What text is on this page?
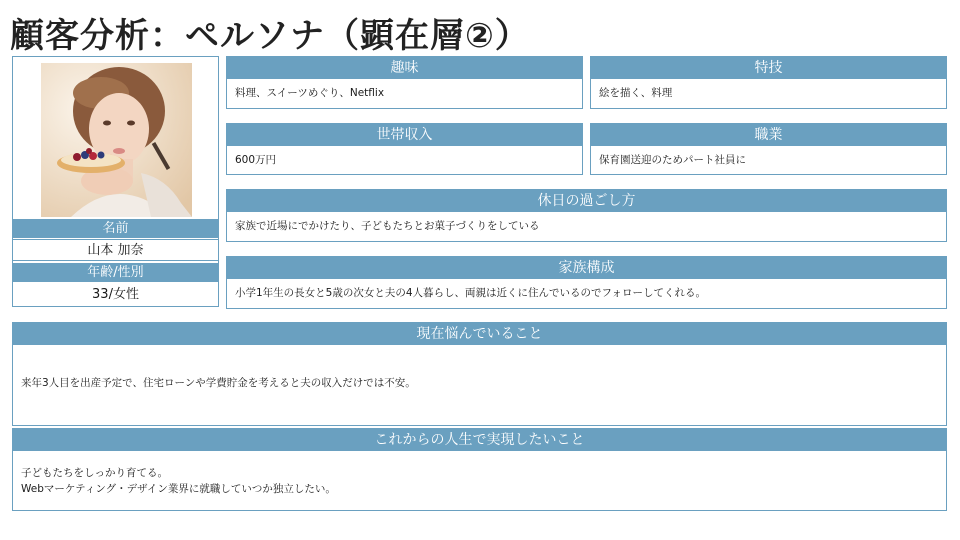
顧客分析：ペルソナ（顕在層②）
名前
山本 加奈
年齢/性別
33/女性
趣味
料理、スイーツめぐり、Netflix
特技
絵を描く、料理
世帯収入
600万円
職業
保育園送迎のためパート社員に
休日の過ごし方
家族で近場にでかけたり、子どもたちとお菓子づくりをしている
家族構成
小学1年生の長女と5歳の次女と夫の4人暮らし、両親は近くに住んでいるのでフォローしてくれる。
現在悩んでいること
来年3人目を出産予定で、住宅ローンや学費貯金を考えると夫の収入だけでは不安。
これからの人生で実現したいこと
子どもたちをしっかり育てる。
Webマーケティング・デザイン業界に就職していつか独立したい。
